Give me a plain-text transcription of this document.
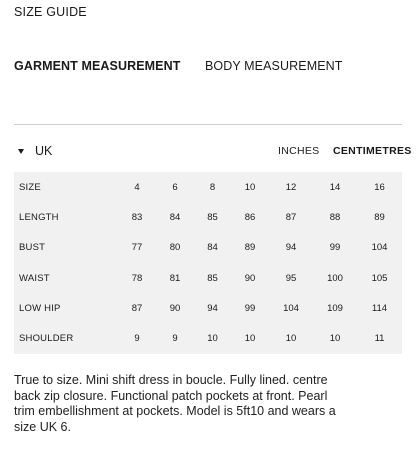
SIZE GUIDE
GARMENT MEASUREMENT BODY MEASUREMENT
UK	INCHES CENTIMETRES
SIZE	4	6	8	10	12	14	16
LENGTH	83	84	85	86	87	88	89
BUST	77	80	84	89	94	99	104
WAIST	78	81	85	90	95	100	105
LOW HIP	87	90	94	99	104	109	114
SHOULDER	9	9	10	10	10	10	11
True to size. Mini shift dress in boucle. Fully lined. centre back zip closure. Functional patch pockets at front. Pearl trim embellishment at pockets. Model is 5ft10 and wears a size UK 6.
